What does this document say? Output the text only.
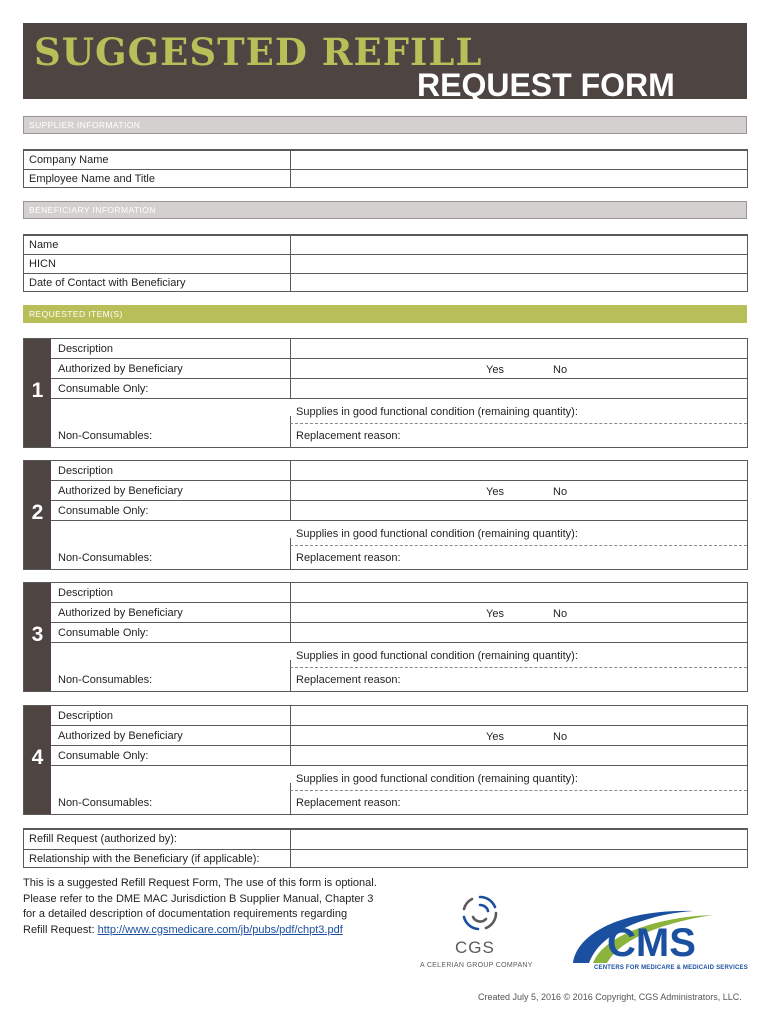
SUGGESTED REFILL
REQUEST FORM
SUPPLIER INFORMATION
Company Name
Employee Name and Title
BENEFICIARY INFORMATION
Name
HICN
Date of Contact with Beneficiary
REQUESTED ITEM(S)
1
Description
Authorized by Beneficiary	Yes	No
Consumable Only:
Supplies in good functional condition (remaining quantity):
Non-Consumables:	Replacement reason:
2
Description
Authorized by Beneficiary	Yes	No
Consumable Only:
Supplies in good functional condition (remaining quantity):
Non-Consumables:	Replacement reason:
3
Description
Authorized by Beneficiary	Yes	No
Consumable Only:
Supplies in good functional condition (remaining quantity):
Non-Consumables:	Replacement reason:
4
Description
Authorized by Beneficiary	Yes	No
Consumable Only:
Supplies in good functional condition (remaining quantity):
Non-Consumables:	Replacement reason:
Refill Request (authorized by):
Relationship with the Beneficiary (if applicable):
This is a suggested Refill Request Form, The use of this form is optional.
Please refer to the DME MAC Jurisdiction B Supplier Manual, Chapter 3
for a detailed description of documentation requirements regarding
Refill Request: http://www.cgsmedicare.com/jb/pubs/pdf/chpt3.pdf
CGS
A CELERIAN GROUP COMPANY
CMS
CENTERS FOR MEDICARE & MEDICAID SERVICES
Created July 5, 2016 © 2016 Copyright, CGS Administrators, LLC.
